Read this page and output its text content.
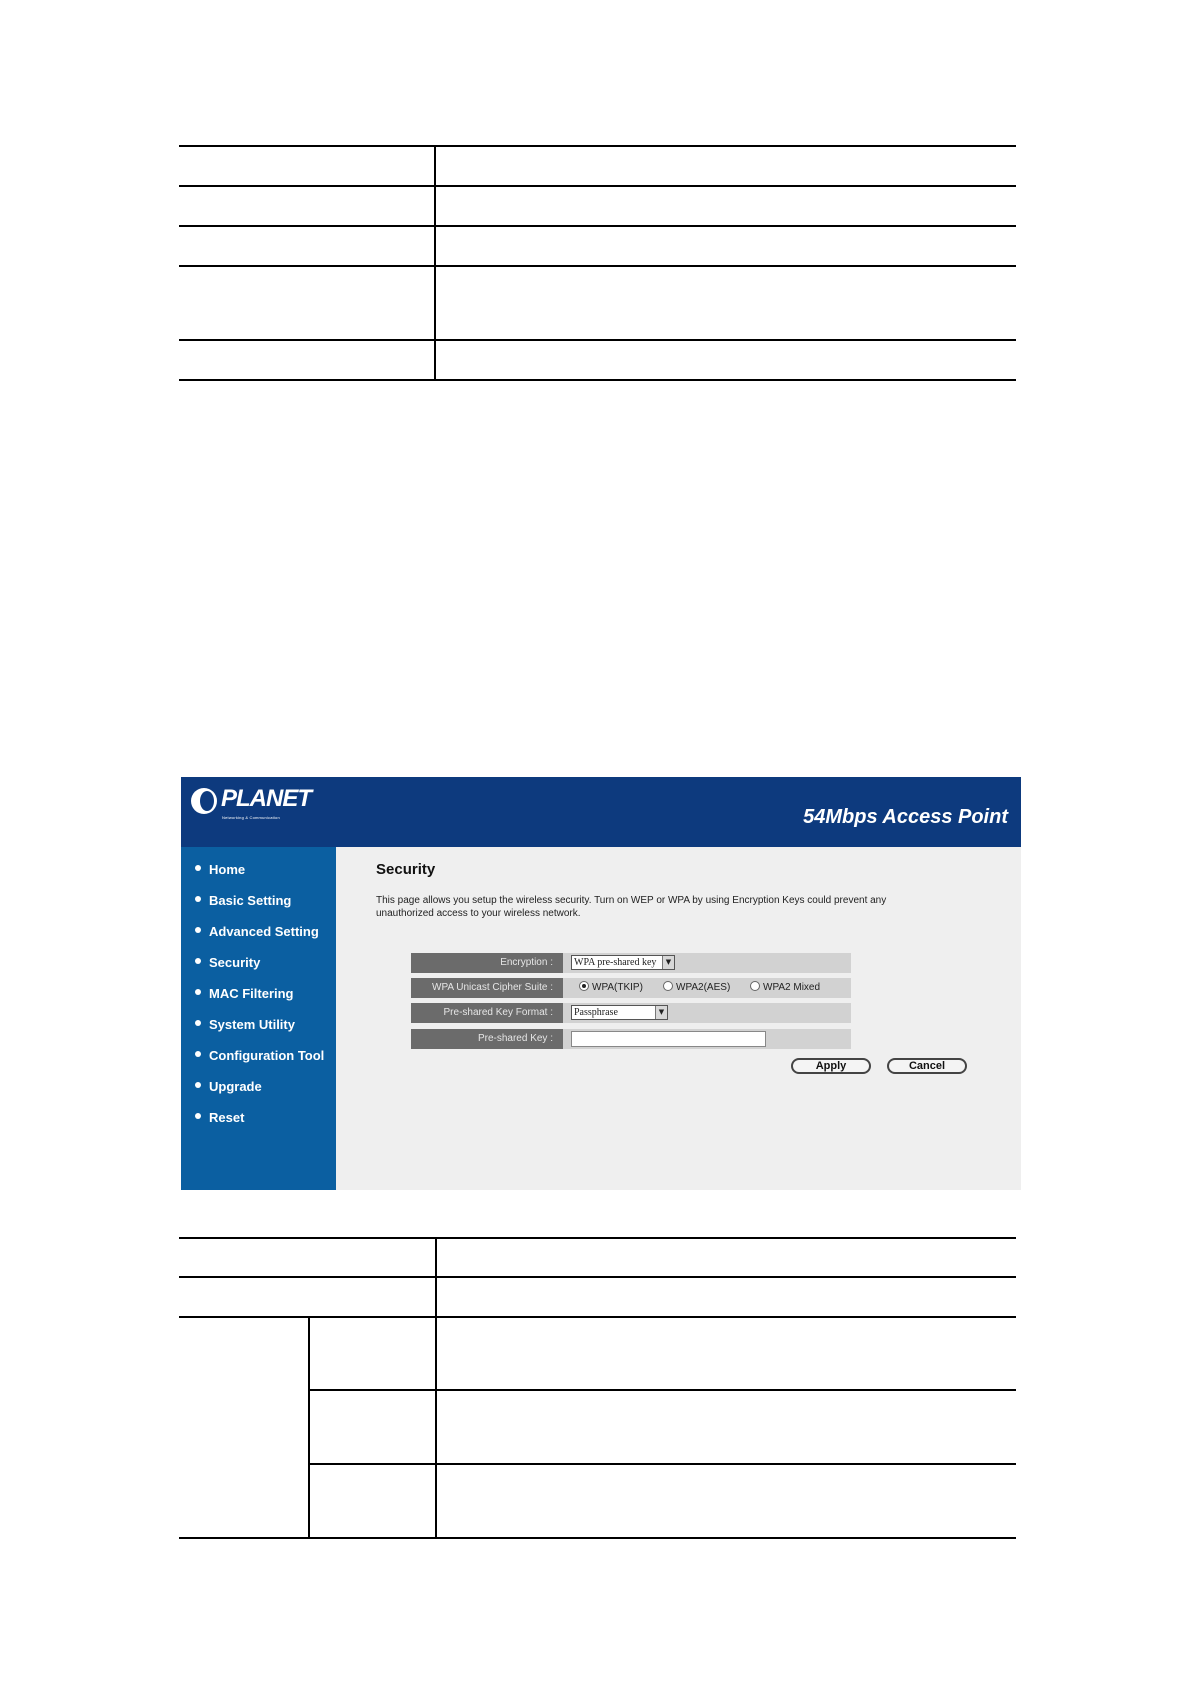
PLANET
Networking & Communication	54Mbps Access Point
Home
Basic Setting
Advanced Setting
Security
MAC Filtering
System Utility
Configuration Tool
Upgrade
Reset
Security
This page allows you setup the wireless security. Turn on WEP or WPA by using Encryption Keys could prevent any unauthorized access to your wireless network.
Encryption :	WPA pre-shared key	▼
WPA Unicast Cipher Suite :	WPA(TKIP)	WPA2(AES)	WPA2 Mixed
Pre-shared Key Format :	Passphrase	▼
Pre-shared Key :
Apply	Cancel
